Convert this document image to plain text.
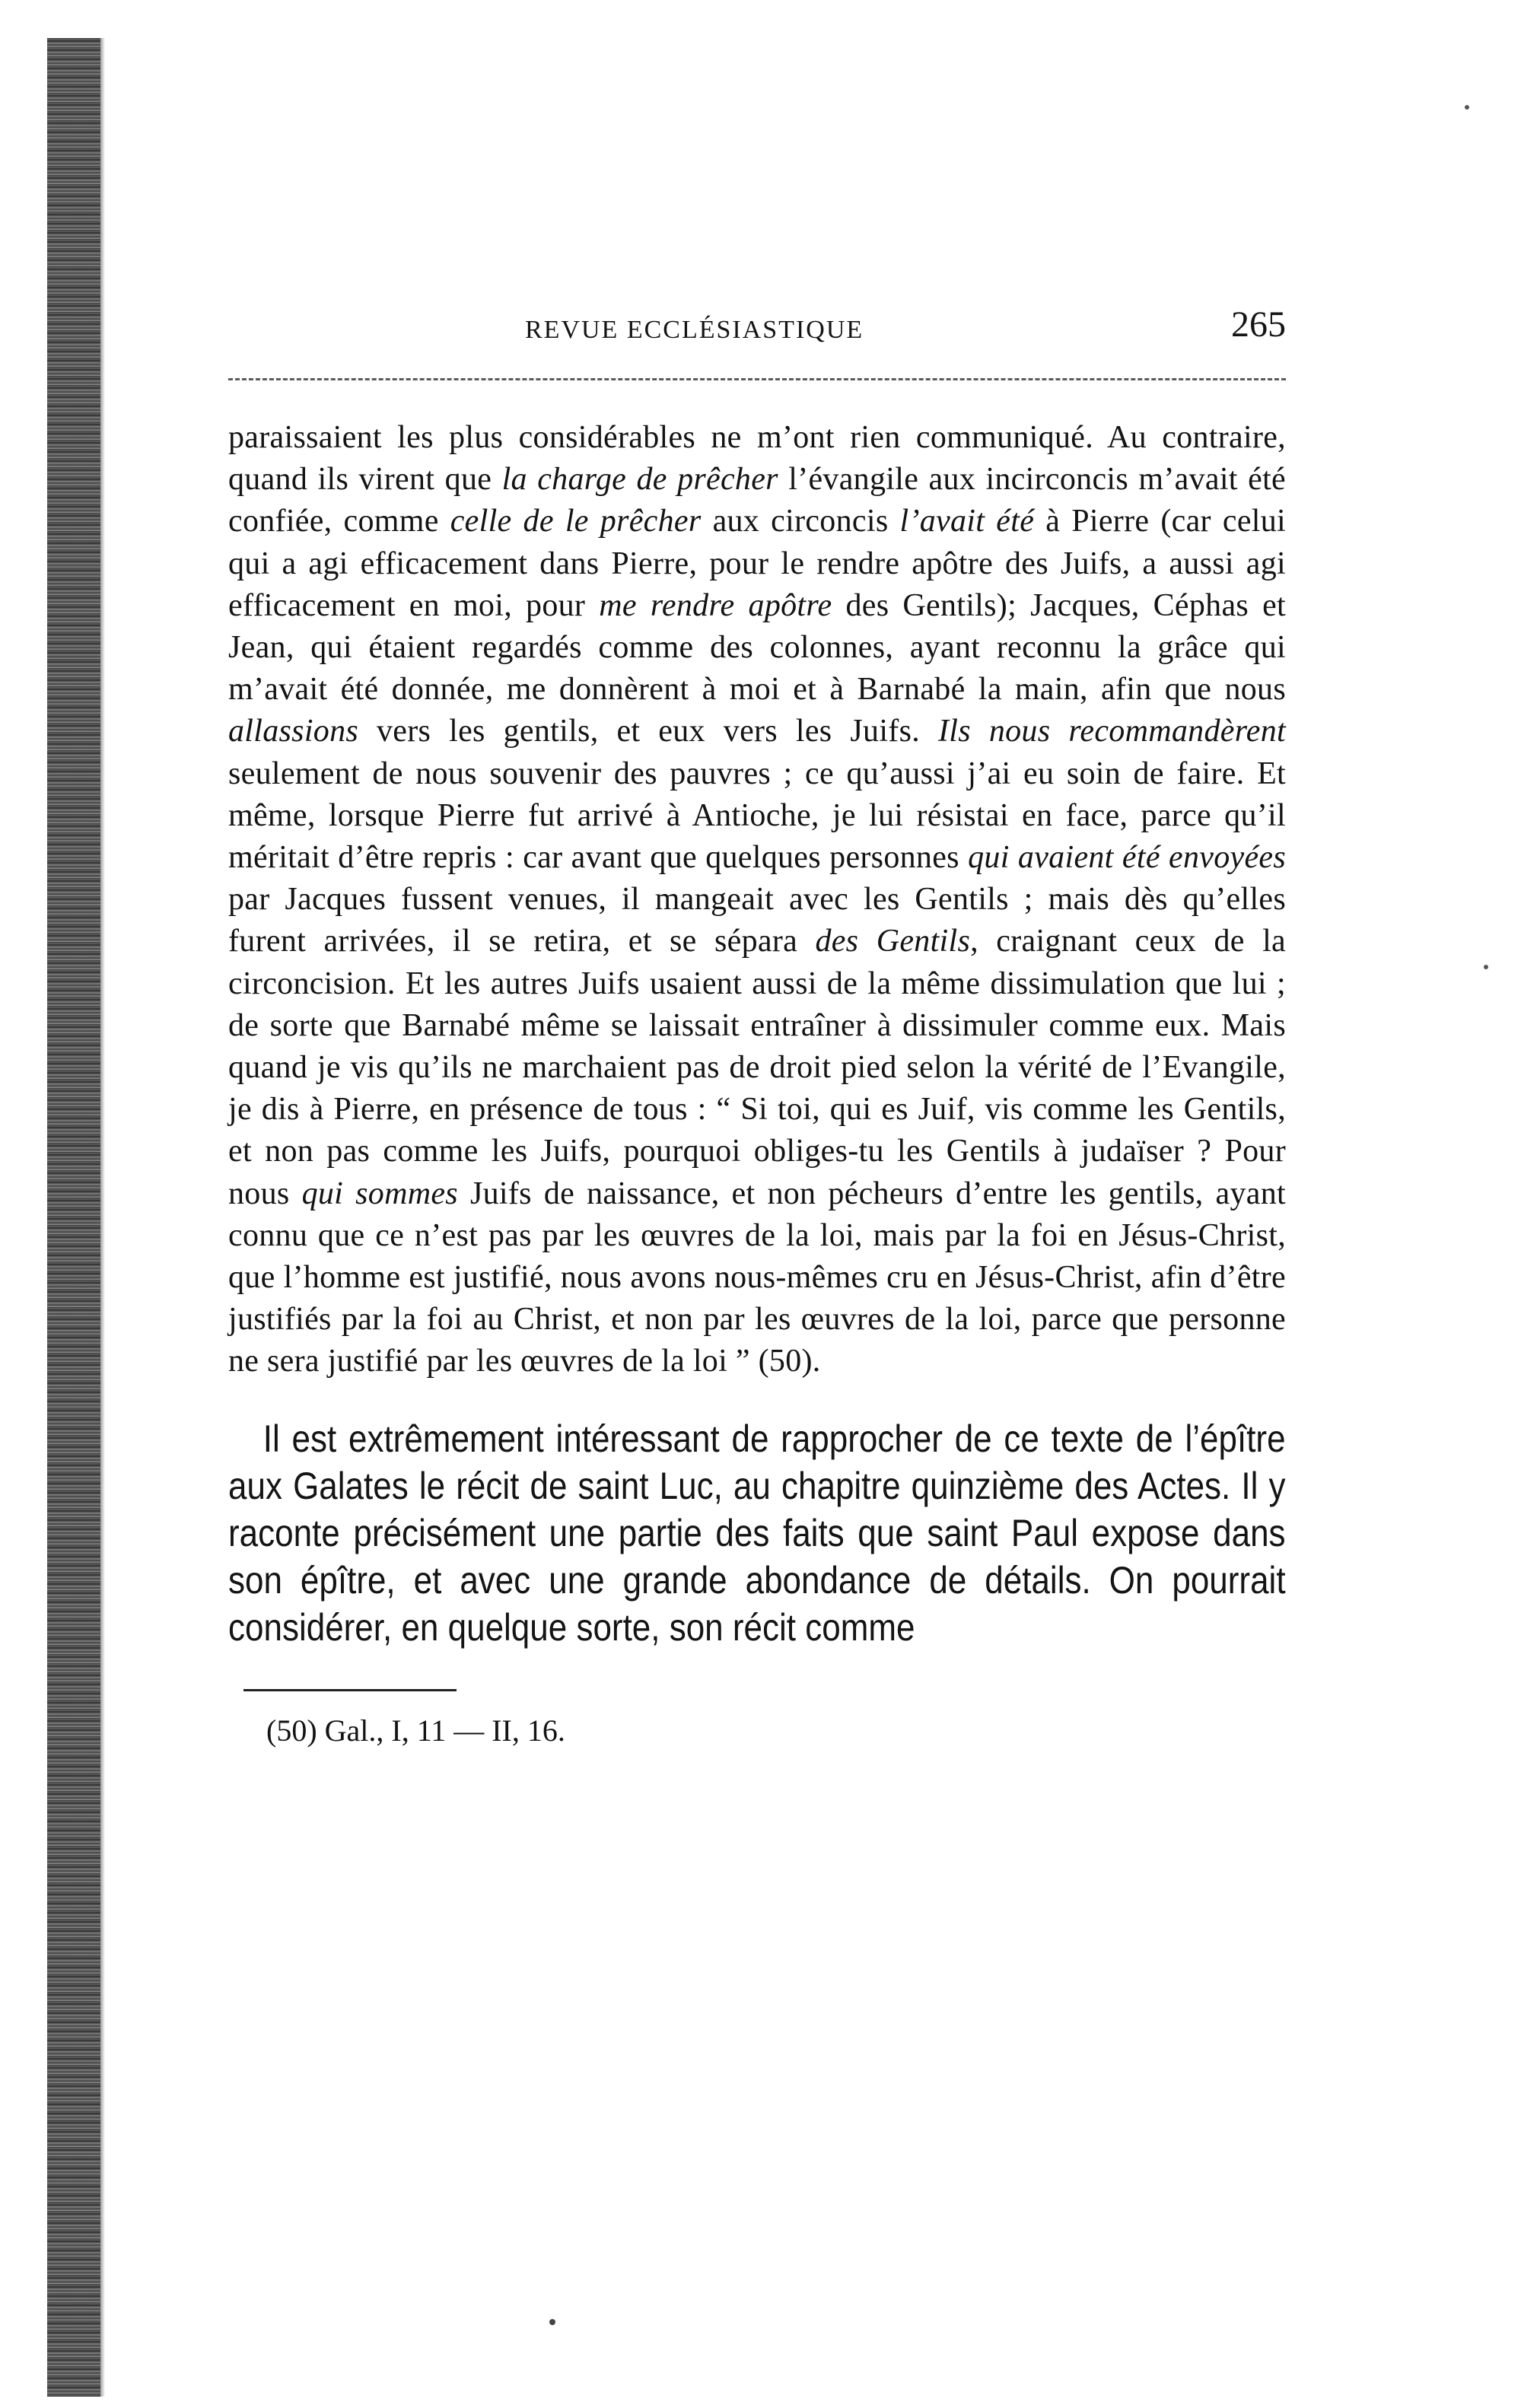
REVUE ECCLÉSIASTIQUE	265

paraissaient les plus considérables ne m’ont rien communiqué. Au contraire, quand ils virent que la charge de prêcher l’évangile aux incirconcis m’avait été confiée, comme celle de le prêcher aux circoncis l’avait été à Pierre (car celui qui a agi efficacement dans Pierre, pour le rendre apôtre des Juifs, a aussi agi efficacement en moi, pour me rendre apôtre des Gentils); Jacques, Céphas et Jean, qui étaient regardés comme des colonnes, ayant reconnu la grâce qui m’avait été donnée, me donnèrent à moi et à Barnabé la main, afin que nous allassions vers les gentils, et eux vers les Juifs. Ils nous recommandèrent seulement de nous souvenir des pauvres ; ce qu’aussi j’ai eu soin de faire. Et même, lorsque Pierre fut arrivé à Antioche, je lui résistai en face, parce qu’il méritait d’être repris : car avant que quelques personnes qui avaient été envoyées par Jacques fussent venues, il mangeait avec les Gentils ; mais dès qu’elles furent arrivées, il se retira, et se sépara des Gentils, craignant ceux de la circoncision. Et les autres Juifs usaient aussi de la même dissimulation que lui ; de sorte que Barnabé même se laissait entraîner à dissimuler comme eux. Mais quand je vis qu’ils ne marchaient pas de droit pied selon la vérité de l’Evangile, je dis à Pierre, en présence de tous : “ Si toi, qui es Juif, vis comme les Gentils, et non pas comme les Juifs, pourquoi obliges-tu les Gentils à judaïser ? Pour nous qui sommes Juifs de naissance, et non pécheurs d’entre les gentils, ayant connu que ce n’est pas par les œuvres de la loi, mais par la foi en Jésus-Christ, que l’homme est justifié, nous avons nous-mêmes cru en Jésus-Christ, afin d’être justifiés par la foi au Christ, et non par les œuvres de la loi, parce que personne ne sera justifié par les œuvres de la loi ” (50).

Il est extrêmement intéressant de rapprocher de ce texte de l’épître aux Galates le récit de saint Luc, au chapitre quinzième des Actes. Il y raconte précisément une partie des faits que saint Paul expose dans son épître, et avec une grande abondance de détails. On pourrait considérer, en quelque sorte, son récit comme

(50) Gal., I, 11 — II, 16.
